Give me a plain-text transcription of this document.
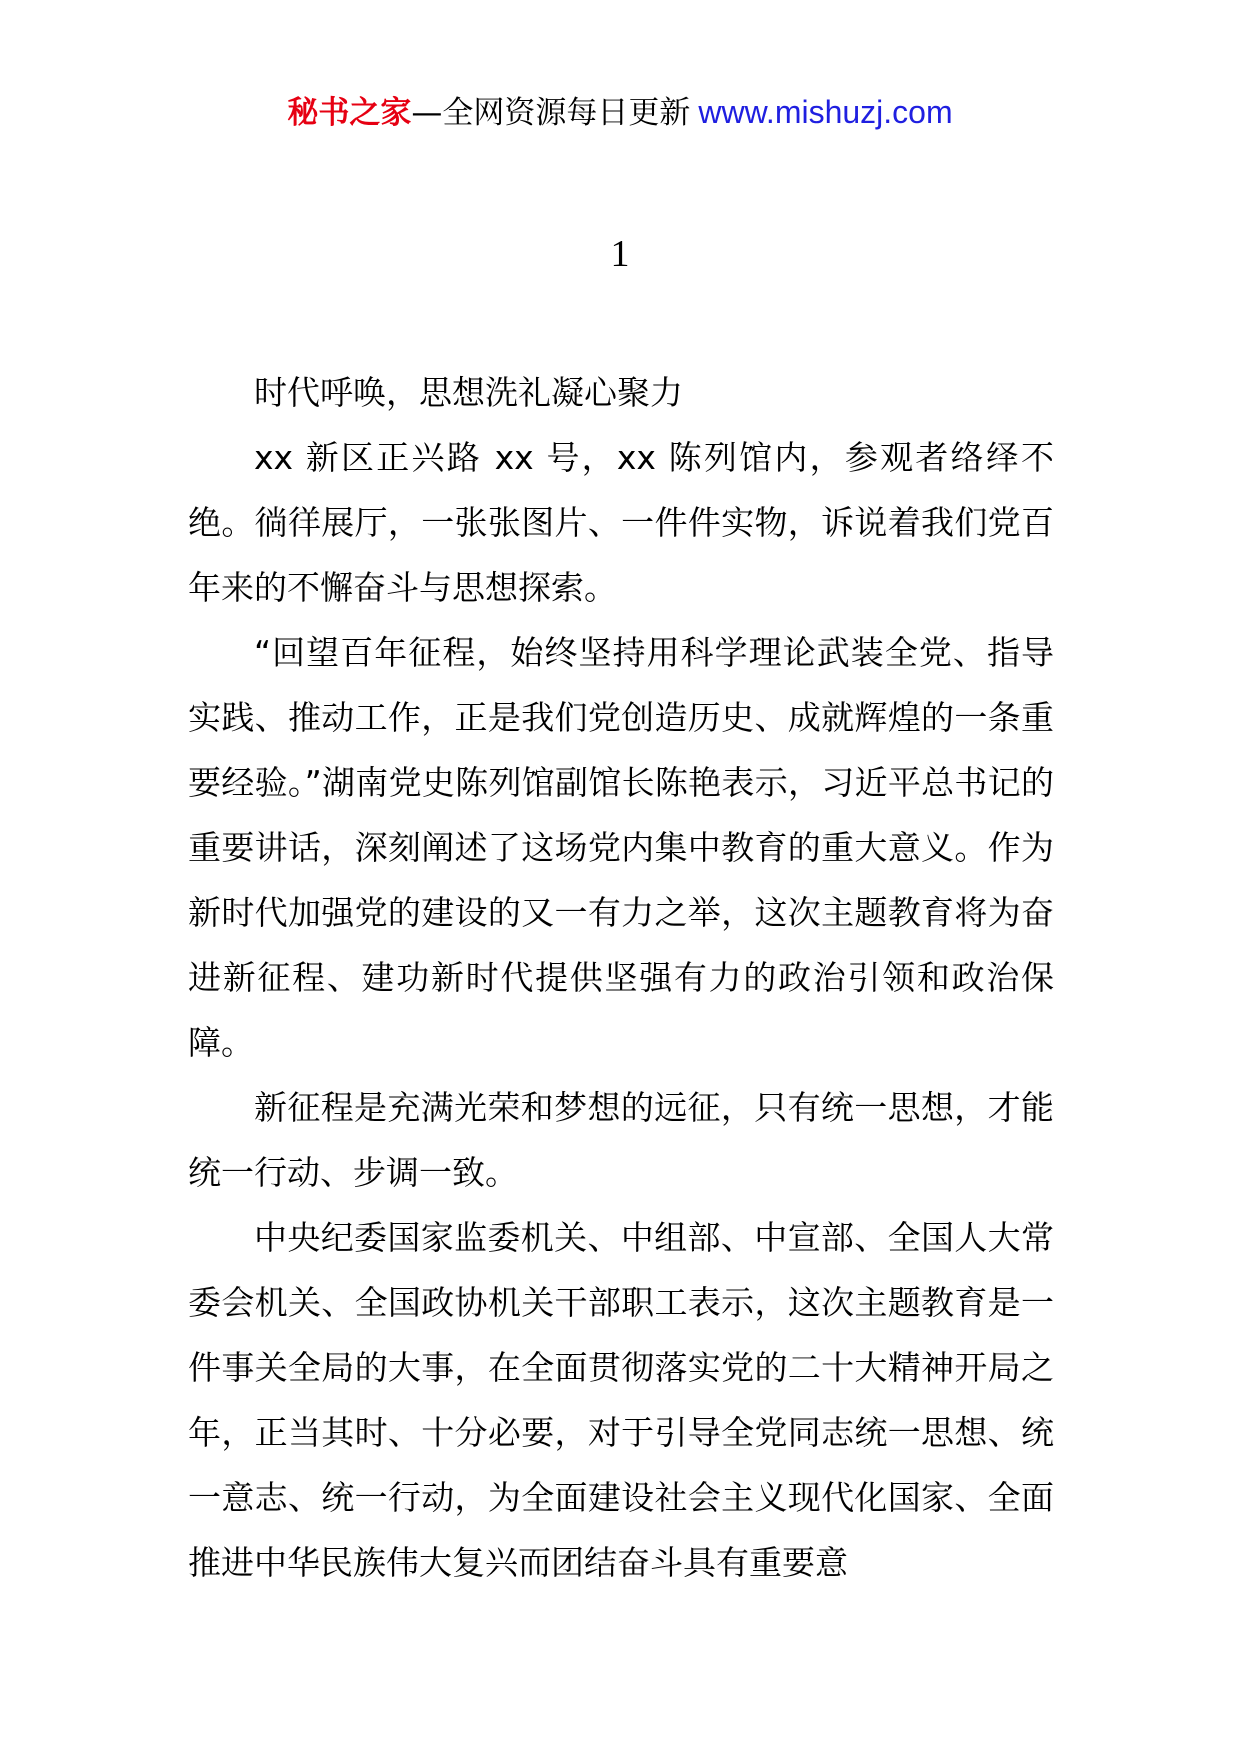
秘书之家—全网资源每日更新 www.mishuzj.com
1

时代呼唤，思想洗礼凝心聚力

xx 新区正兴路 xx 号，xx 陈列馆内，参观者络绎不绝。徜徉展厅，一张张图片、一件件实物，诉说着我们党百年来的不懈奋斗与思想探索。

“回望百年征程，始终坚持用科学理论武装全党、指导实践、推动工作，正是我们党创造历史、成就辉煌的一条重要经验。”湖南党史陈列馆副馆长陈艳表示，习近平总书记的重要讲话，深刻阐述了这场党内集中教育的重大意义。作为新时代加强党的建设的又一有力之举，这次主题教育将为奋进新征程、建功新时代提供坚强有力的政治引领和政治保障。

新征程是充满光荣和梦想的远征，只有统一思想，才能统一行动、步调一致。

中央纪委国家监委机关、中组部、中宣部、全国人大常委会机关、全国政协机关干部职工表示，这次主题教育是一件事关全局的大事，在全面贯彻落实党的二十大精神开局之年，正当其时、十分必要，对于引导全党同志统一思想、统一意志、统一行动，为全面建设社会主义现代化国家、全面推进中华民族伟大复兴而团结奋斗具有重要意
